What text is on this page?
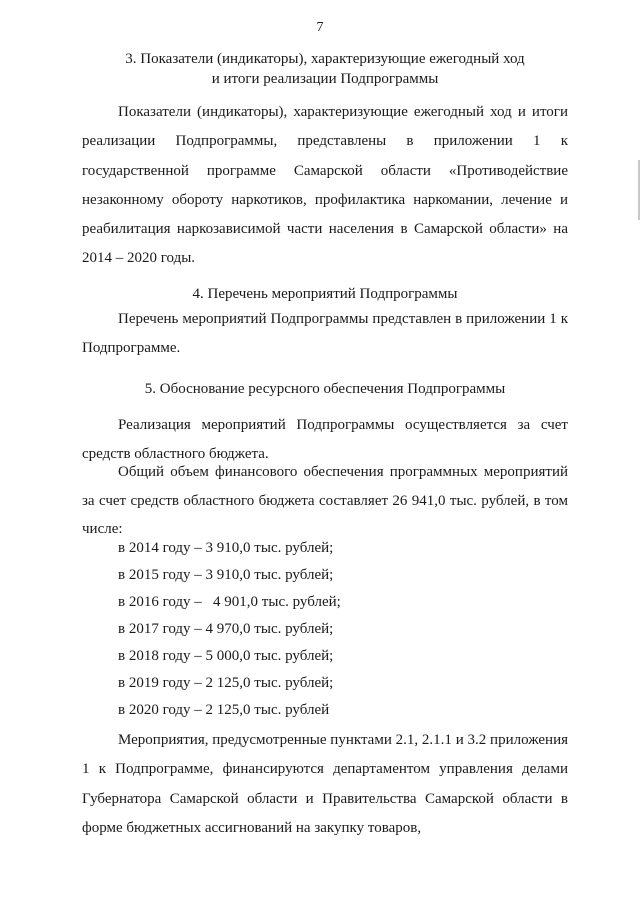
7
3. Показатели (индикаторы), характеризующие ежегодный ход
и итоги реализации Подпрограммы
Показатели (индикаторы), характеризующие ежегодный ход и итоги реализации Подпрограммы, представлены в приложении 1 к государственной программе Самарской области «Противодействие незаконному обороту наркотиков, профилактика наркомании, лечение и реабилитация наркозависимой части населения в Самарской области» на 2014 – 2020 годы.
4. Перечень мероприятий Подпрограммы
Перечень мероприятий Подпрограммы представлен в приложении 1 к Подпрограмме.
5. Обоснование ресурсного обеспечения Подпрограммы
Реализация мероприятий Подпрограммы осуществляется за счет средств областного бюджета.
Общий объем финансового обеспечения программных мероприятий за счет средств областного бюджета составляет 26 941,0 тыс. рублей, в том числе:
в 2014 году – 3 910,0 тыс. рублей;
в 2015 году – 3 910,0 тыс. рублей;
в 2016 году –   4 901,0 тыс. рублей;
в 2017 году – 4 970,0 тыс. рублей;
в 2018 году – 5 000,0 тыс. рублей;
в 2019 году – 2 125,0 тыс. рублей;
в 2020 году – 2 125,0 тыс. рублей
Мероприятия, предусмотренные пунктами 2.1, 2.1.1 и 3.2 приложения 1 к Подпрограмме, финансируются департаментом управления делами Губернатора Самарской области и Правительства Самарской области в форме бюджетных ассигнований на закупку товаров,
